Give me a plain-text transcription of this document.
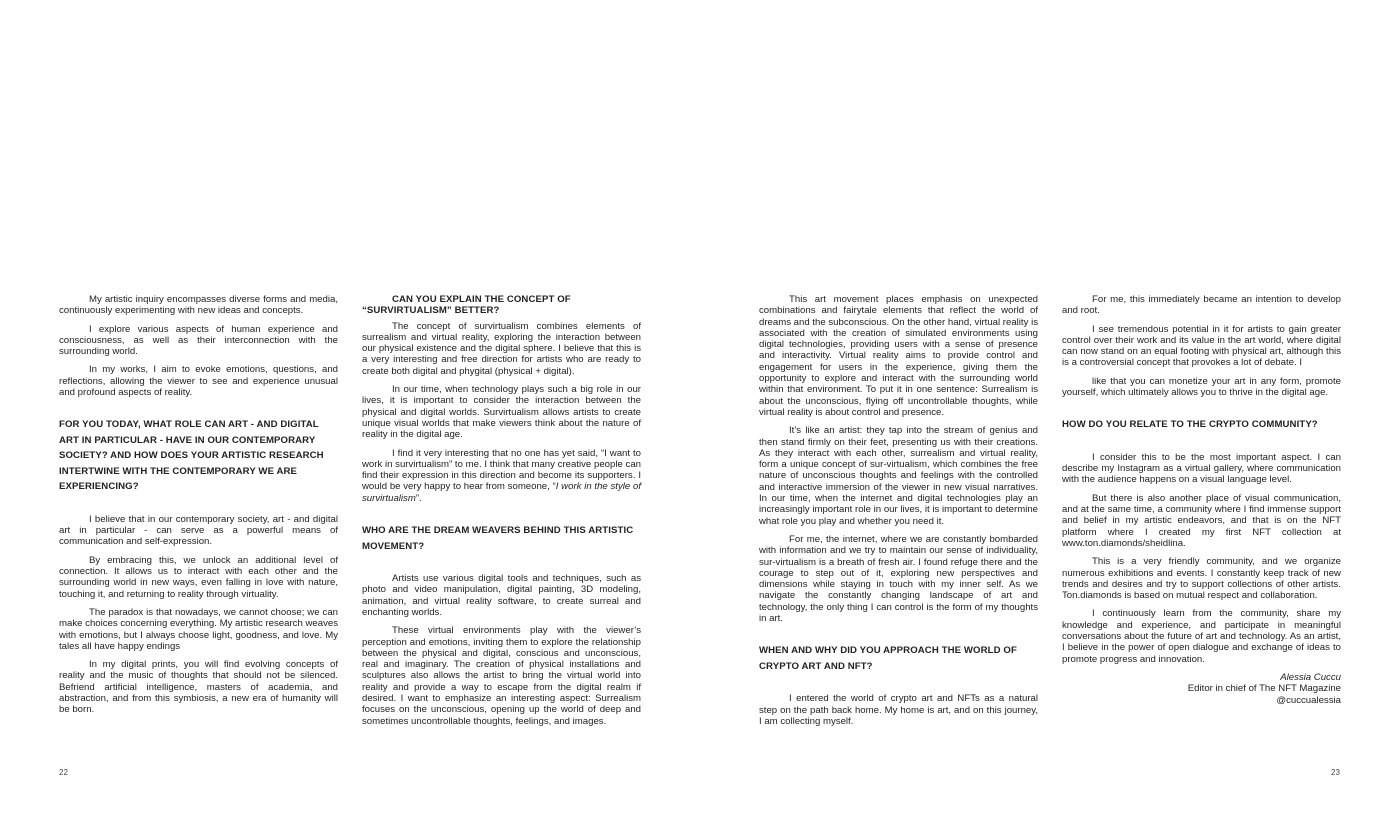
My artistic inquiry encompasses diverse forms and media, continuously experimenting with new ideas and concepts.

I explore various aspects of human experience and consciousness, as well as their interconnection with the surrounding world.

In my works, I aim to evoke emotions, questions, and reflections, allowing the viewer to see and experience unusual and profound aspects of reality.

FOR YOU TODAY, WHAT ROLE CAN ART - AND DIGITAL ART IN PARTICULAR - HAVE IN OUR CONTEMPORARY SOCIETY? AND HOW DOES YOUR ARTISTIC RESEARCH INTERTWINE WITH THE CONTEMPORARY WE ARE EXPERIENCING?

I believe that in our contemporary society, art - and digital art in particular - can serve as a powerful means of communication and self-expression.

By embracing this, we unlock an additional level of connection. It allows us to interact with each other and the surrounding world in new ways, even falling in love with nature, touching it, and returning to reality through virtuality.

The paradox is that nowadays, we cannot choose; we can make choices concerning everything. My artistic research weaves with emotions, but I always choose light, goodness, and love. My tales all have happy endings

In my digital prints, you will find evolving concepts of reality and the music of thoughts that should not be silenced. Befriend artificial intelligence, masters of academia, and abstraction, and from this symbiosis, a new era of humanity will be born.

CAN YOU EXPLAIN THE CONCEPT OF “SURVIRTUALISM” BETTER?

The concept of survirtualism combines elements of surrealism and virtual reality, exploring the interaction between our physical existence and the digital sphere. I believe that this is a very interesting and free direction for artists who are ready to create both digital and phygital (physical + digital).

In our time, when technology plays such a big role in our lives, it is important to consider the interaction between the physical and digital worlds. Survirtualism allows artists to create unique visual worlds that make viewers think about the nature of reality in the digital age.

I find it very interesting that no one has yet said, “I want to work in survirtualism” to me. I think that many creative people can find their expression in this direction and become its supporters. I would be very happy to hear from someone, “I work in the style of survirtualism”.

WHO ARE THE DREAM WEAVERS BEHIND THIS ARTISTIC MOVEMENT?

Artists use various digital tools and techniques, such as photo and video manipulation, digital painting, 3D modeling, animation, and virtual reality software, to create surreal and enchanting worlds.

These virtual environments play with the viewer’s perception and emotions, inviting them to explore the relationship between the physical and digital, conscious and unconscious, real and imaginary. The creation of physical installations and sculptures also allows the artist to bring the virtual world into reality and provide a way to escape from the digital realm if desired. I want to emphasize an interesting aspect: Surrealism focuses on the unconscious, opening up the world of deep and sometimes uncontrollable thoughts, feelings, and images.

22

This art movement places emphasis on unexpected combinations and fairytale elements that reflect the world of dreams and the subconscious. On the other hand, virtual reality is associated with the creation of simulated environments using digital technologies, providing users with a sense of presence and interactivity. Virtual reality aims to provide control and engagement for users in the experience, giving them the opportunity to explore and interact with the surrounding world within that environment. To put it in one sentence: Surrealism is about the unconscious, flying off uncontrollable thoughts, while virtual reality is about control and presence.

It’s like an artist: they tap into the stream of genius and then stand firmly on their feet, presenting us with their creations. As they interact with each other, surrealism and virtual reality, form a unique concept of sur-virtualism, which combines the free nature of unconscious thoughts and feelings with the controlled and interactive immersion of the viewer in new visual narratives. In our time, when the internet and digital technologies play an increasingly important role in our lives, it is important to determine what role you play and whether you need it.

For me, the internet, where we are constantly bombarded with information and we try to maintain our sense of individuality, sur-virtualism is a breath of fresh air. I found refuge there and the courage to step out of it, exploring new perspectives and dimensions while staying in touch with my inner self. As we navigate the constantly changing landscape of art and technology, the only thing I can control is the form of my thoughts in art.

WHEN AND WHY DID YOU APPROACH THE WORLD OF CRYPTO ART AND NFT?

I entered the world of crypto art and NFTs as a natural step on the path back home. My home is art, and on this journey, I am collecting myself.

For me, this immediately became an intention to develop and root.

I see tremendous potential in it for artists to gain greater control over their work and its value in the art world, where digital can now stand on an equal footing with physical art, although this is a controversial concept that provokes a lot of debate. I

like that you can monetize your art in any form, promote yourself, which ultimately allows you to thrive in the digital age.

HOW DO YOU RELATE TO THE CRYPTO COMMUNITY?

I consider this to be the most important aspect. I can describe my Instagram as a virtual gallery, where communication with the audience happens on a visual language level.

But there is also another place of visual communication, and at the same time, a community where I find immense support and belief in my artistic endeavors, and that is on the NFT platform where I created my first NFT collection at www.ton.diamonds/sheidlina.

This is a very friendly community, and we organize numerous exhibitions and events. I constantly keep track of new trends and desires and try to support collections of other artists. Ton.diamonds is based on mutual respect and collaboration.

I continuously learn from the community, share my knowledge and experience, and participate in meaningful conversations about the future of art and technology. As an artist, I believe in the power of open dialogue and exchange of ideas to promote progress and innovation.

Alessia Cuccu
Editor in chief of The NFT Magazine
@cuccualessia
23
